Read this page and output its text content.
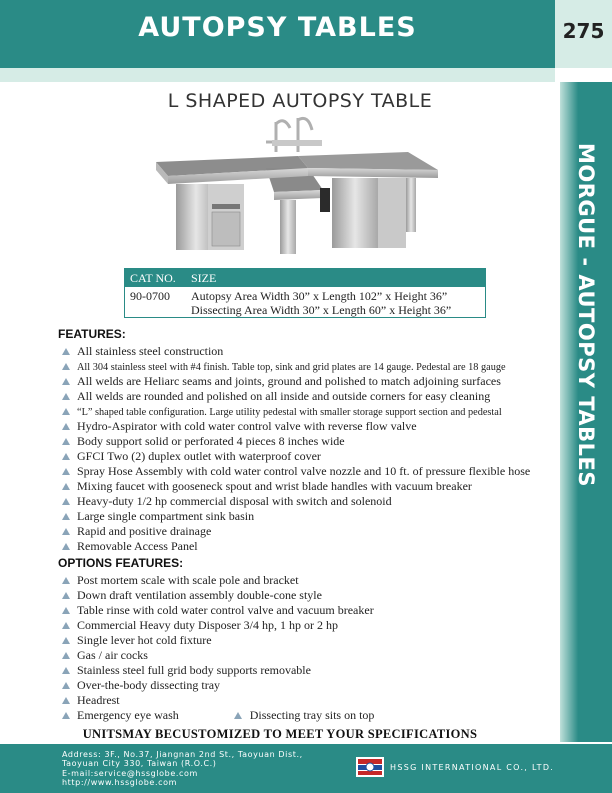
AUTOPSY TABLES	275
MORGUE - AUTOPSY TABLES
L SHAPED AUTOPSY TABLE
CAT NO. SIZE
90-0700 Autopsy Area Width 30” x Length 102” x Height 36”
Dissecting Area Width 30” x Length 60” x Height 36”
FEATURES:
All stainless steel construction
All 304 stainless steel with #4 finish. Table top, sink and grid plates are 14 gauge. Pedestal are 18 gauge
All welds are Heliarc seams and joints, ground and polished to match adjoining surfaces
All welds are rounded and polished on all inside and outside corners for easy cleaning
“L” shaped table configuration. Large utility pedestal with smaller storage support section and pedestal
Hydro-Aspirator with cold water control valve with reverse flow valve
Body support solid or perforated 4 pieces 8 inches wide
GFCI Two (2) duplex outlet with waterproof cover
Spray Hose Assembly with cold water control valve nozzle and 10 ft. of pressure flexible hose
Mixing faucet with gooseneck spout and wrist blade handles with vacuum breaker
Heavy-duty 1/2 hp commercial disposal with switch and solenoid
Large single compartment sink basin
Rapid and positive drainage
Removable Access Panel
OPTIONS FEATURES:
Post mortem scale with scale pole and bracket
Down draft ventilation assembly double-cone style
Table rinse with cold water control valve and vacuum breaker
Commercial Heavy duty Disposer 3/4 hp, 1 hp or 2 hp
Single lever hot cold fixture
Gas / air cocks
Stainless steel full grid body supports removable
Over-the-body dissecting tray
Headrest
Emergency eye wash	Dissecting tray sits on top
UNITSMAY BECUSTOMIZED TO MEET YOUR SPECIFICATIONS
Address: 3F., No.37, Jiangnan 2nd St., Taoyuan Dist.,
Taoyuan City 330, Taiwan (R.O.C.)
E-mail:service@hssglobe.com
http://www.hssglobe.com
HSSG INTERNATIONAL CO., LTD.
